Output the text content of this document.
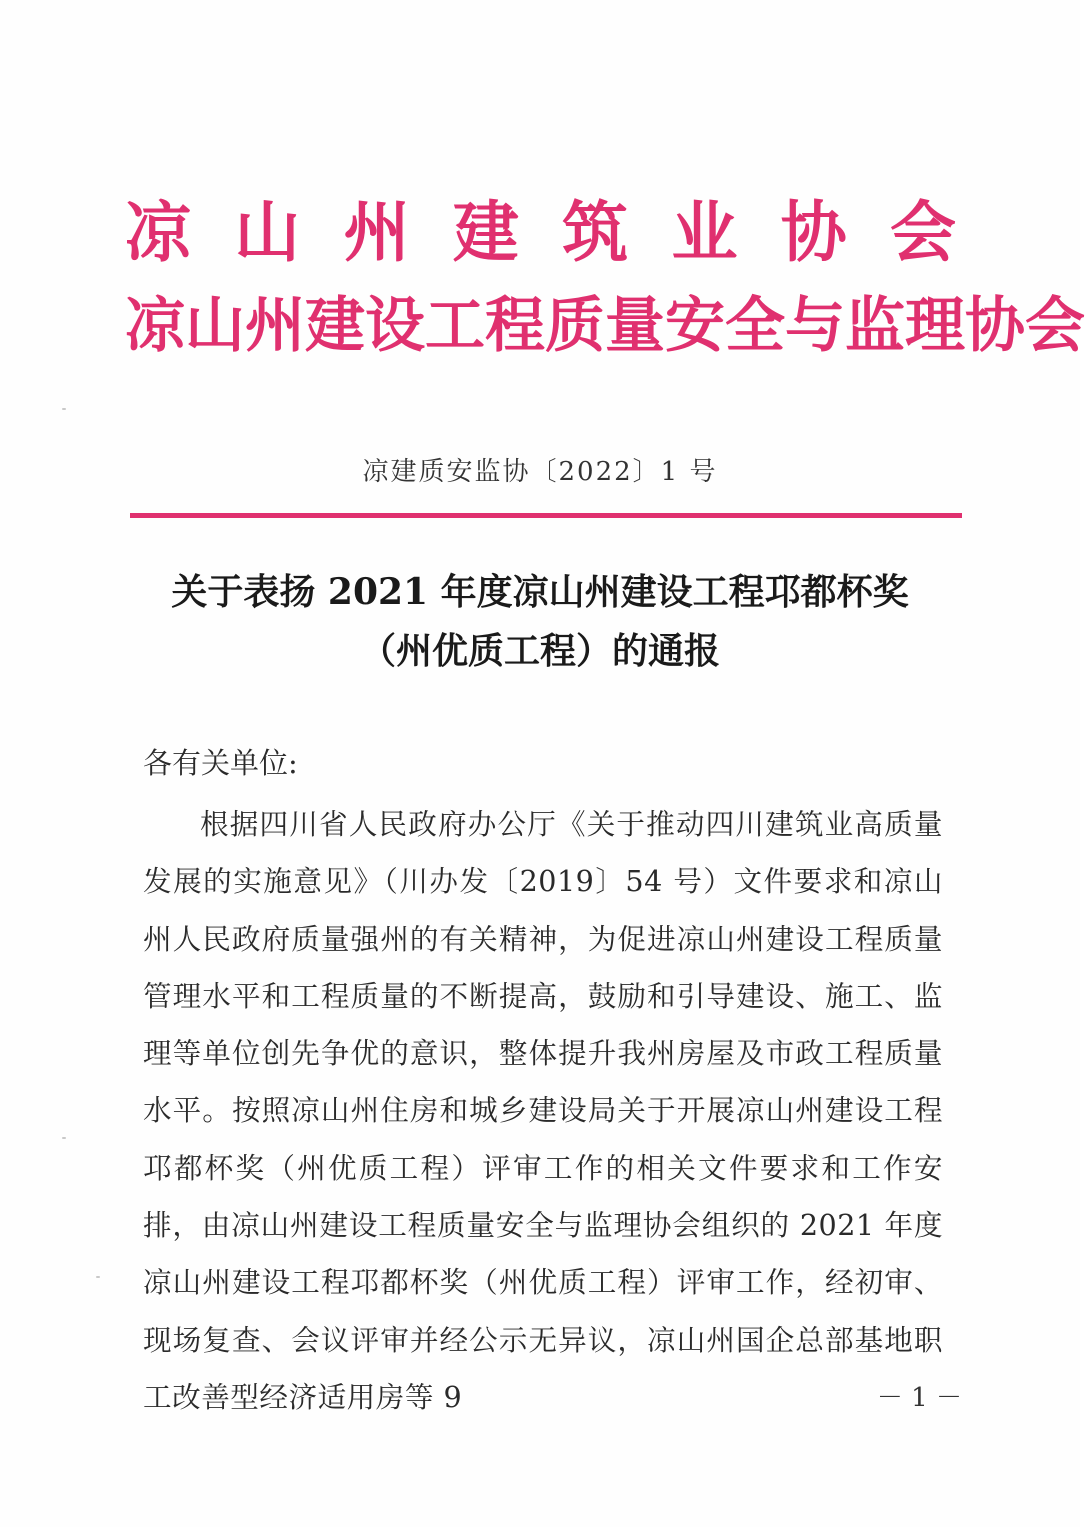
凉山州建筑业协会
凉山州建设工程质量安全与监理协会
凉建质安监协〔2022〕1 号
关于表扬 2021 年度凉山州建设工程邛都杯奖
（州优质工程）的通报
各有关单位:
根据四川省人民政府办公厅《关于推动四川建筑业高质量发展的实施意见》（川办发〔2019〕54 号）文件要求和凉山州人民政府质量强州的有关精神，为促进凉山州建设工程质量管理水平和工程质量的不断提高，鼓励和引导建设、施工、监理等单位创先争优的意识，整体提升我州房屋及市政工程质量水平。按照凉山州住房和城乡建设局关于开展凉山州建设工程邛都杯奖（州优质工程）评审工作的相关文件要求和工作安排，由凉山州建设工程质量安全与监理协会组织的 2021 年度凉山州建设工程邛都杯奖（州优质工程）评审工作，经初审、现场复查、会议评审并经公示无异议，凉山州国企总部基地职工改善型经济适用房等 9	－ 1 －
